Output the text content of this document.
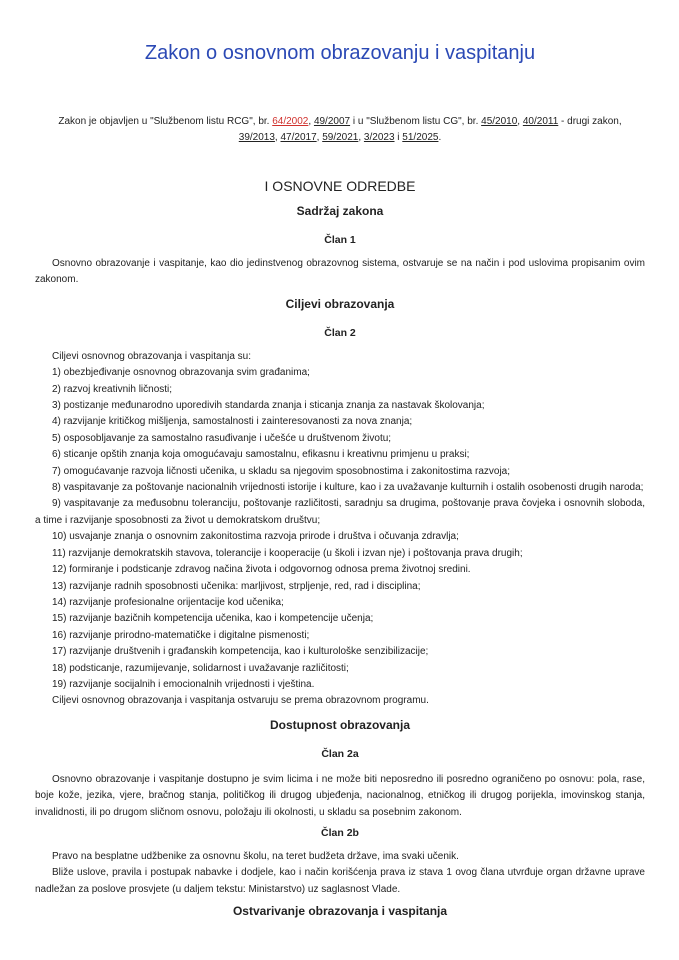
Zakon o osnovnom obrazovanju i vaspitanju
Zakon je objavljen u "Službenom listu RCG", br. 64/2002, 49/2007 i u "Službenom listu CG", br. 45/2010, 40/2011 - drugi zakon, 39/2013, 47/2017, 59/2021, 3/2023 i 51/2025.
I OSNOVNE ODREDBE
Sadržaj zakona
Član 1

Osnovno obrazovanje i vaspitanje, kao dio jedinstvenog obrazovnog sistema, ostvaruje se na način i pod uslovima propisanim ovim zakonom.

Ciljevi obrazovanja
Član 2

Ciljevi osnovnog obrazovanja i vaspitanja su:

1) obezbjeđivanje osnovnog obrazovanja svim građanima;

2) razvoj kreativnih ličnosti;

3) postizanje međunarodno uporedivih standarda znanja i sticanja znanja za nastavak školovanja;

4) razvijanje kritičkog mišljenja, samostalnosti i zainteresovanosti za nova znanja;

5) osposobljavanje za samostalno rasuđivanje i učešće u društvenom životu;

6) sticanje opštih znanja koja omogućavaju samostalnu, efikasnu i kreativnu primjenu u praksi;

7) omogućavanje razvoja ličnosti učenika, u skladu sa njegovim sposobnostima i zakonitostima razvoja;

8) vaspitavanje za poštovanje nacionalnih vrijednosti istorije i kulture, kao i za uvažavanje kulturnih i ostalih osobenosti drugih naroda;

9) vaspitavanje za međusobnu toleranciju, poštovanje različitosti, saradnju sa drugima, poštovanje prava čovjeka i osnovnih sloboda, a time i razvijanje sposobnosti za život u demokratskom društvu;

10) usvajanje znanja o osnovnim zakonitostima razvoja prirode i društva i očuvanja zdravlja;

11) razvijanje demokratskih stavova, tolerancije i kooperacije (u školi i izvan nje) i poštovanja prava drugih;

12) formiranje i podsticanje zdravog načina života i odgovornog odnosa prema životnoj sredini.

13) razvijanje radnih sposobnosti učenika: marljivost, strpljenje, red, rad i disciplina;

14) razvijanje profesionalne orijentacije kod učenika;

15) razvijanje bazičnih kompetencija učenika, kao i kompetencije učenja;

16) razvijanje prirodno-matematičke i digitalne pismenosti;

17) razvijanje društvenih i građanskih kompetencija, kao i kulturološke senzibilizacije;

18) podsticanje, razumijevanje, solidarnost i uvažavanje različitosti;

19) razvijanje socijalnih i emocionalnih vrijednosti i vještina.

Ciljevi osnovnog obrazovanja i vaspitanja ostvaruju se prema obrazovnom programu.

Dostupnost obrazovanja
Član 2a

Osnovno obrazovanje i vaspitanje dostupno je svim licima i ne može biti neposredno ili posredno ograničeno po osnovu: pola, rase, boje kože, jezika, vjere, bračnog stanja, političkog ili drugog ubjeđenja, nacionalnog, etničkog ili drugog porijekla, imovinskog stanja, invalidnosti, ili po drugom sličnom osnovu, položaju ili okolnosti, u skladu sa posebnim zakonom.

Član 2b

Pravo na besplatne udžbenike za osnovnu školu, na teret budžeta države, ima svaki učenik.

Bliže uslove, pravila i postupak nabavke i dodjele, kao i način korišćenja prava iz stava 1 ovog člana utvrđuje organ državne uprave nadležan za poslove prosvjete (u daljem tekstu: Ministarstvo) uz saglasnost Vlade.

Ostvarivanje obrazovanja i vaspitanja
